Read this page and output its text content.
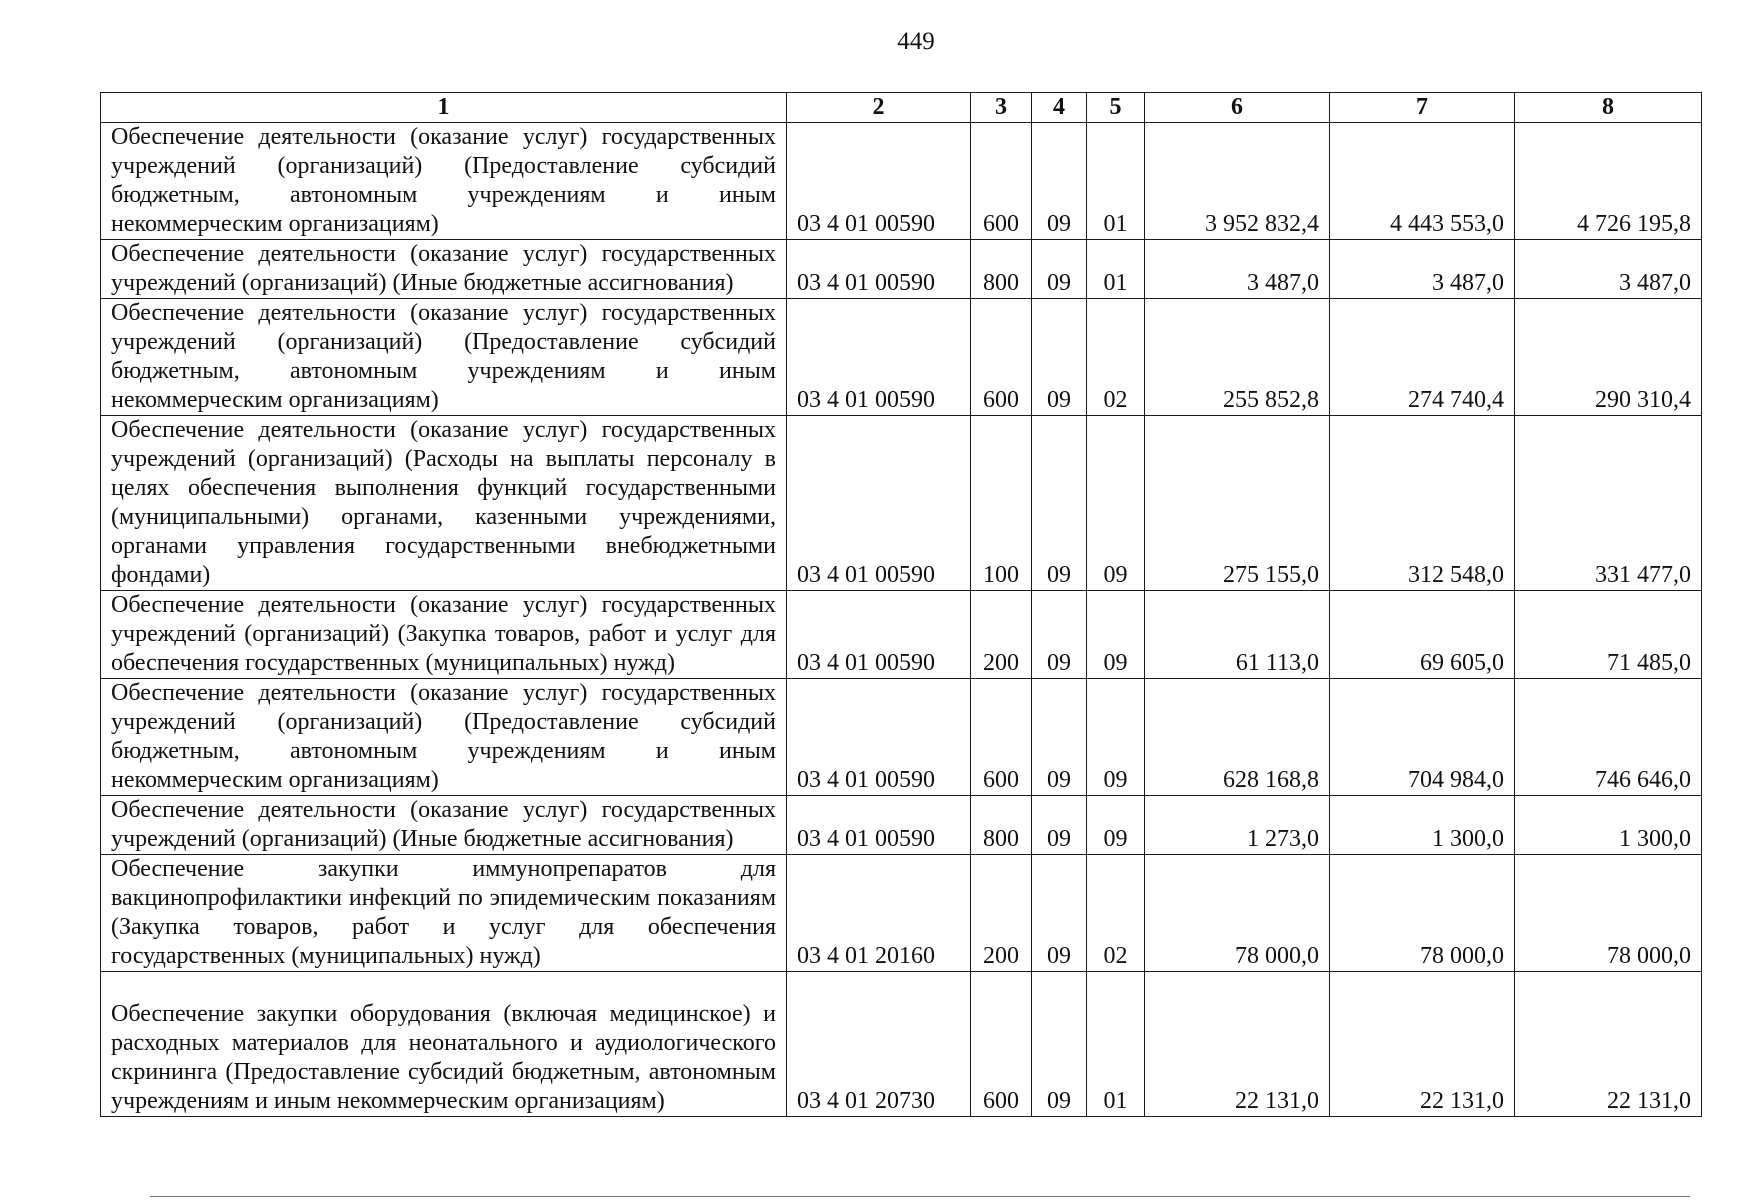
449
1	2	3	4	5	6	7	8
Обеспечение деятельности (оказание услуг) государственных учреждений (организаций) (Предоставление субсидий бюджетным, автономным учреждениям и иным некоммерческим организациям)	03 4 01 00590	600	09	01	3 952 832,4	4 443 553,0	4 726 195,8
Обеспечение деятельности (оказание услуг) государственных учреждений (организаций) (Иные бюджетные ассигнования)	03 4 01 00590	800	09	01	3 487,0	3 487,0	3 487,0
Обеспечение деятельности (оказание услуг) государственных учреждений (организаций) (Предоставление субсидий бюджетным, автономным учреждениям и иным некоммерческим организациям)	03 4 01 00590	600	09	02	255 852,8	274 740,4	290 310,4
Обеспечение деятельности (оказание услуг) государственных учреждений (организаций) (Расходы на выплаты персоналу в целях обеспечения выполнения функций государственными (муниципальными) органами, казенными учреждениями, органами управления государственными внебюджетными фондами)	03 4 01 00590	100	09	09	275 155,0	312 548,0	331 477,0
Обеспечение деятельности (оказание услуг) государственных учреждений (организаций) (Закупка товаров, работ и услуг для обеспечения государственных (муниципальных) нужд)	03 4 01 00590	200	09	09	61 113,0	69 605,0	71 485,0
Обеспечение деятельности (оказание услуг) государственных учреждений (организаций) (Предоставление субсидий бюджетным, автономным учреждениям и иным некоммерческим организациям)	03 4 01 00590	600	09	09	628 168,8	704 984,0	746 646,0
Обеспечение деятельности (оказание услуг) государственных учреждений (организаций) (Иные бюджетные ассигнования)	03 4 01 00590	800	09	09	1 273,0	1 300,0	1 300,0
Обеспечение закупки иммунопрепаратов для вакцинопрофилактики инфекций по эпидемическим показаниям (Закупка товаров, работ и услуг для обеспечения государственных (муниципальных) нужд)	03 4 01 20160	200	09	02	78 000,0	78 000,0	78 000,0
Обеспечение закупки оборудования (включая медицинское) и расходных материалов для неонатального и аудиологического скрининга (Предоставление субсидий бюджетным, автономным учреждениям и иным некоммерческим организациям)	03 4 01 20730	600	09	01	22 131,0	22 131,0	22 131,0
